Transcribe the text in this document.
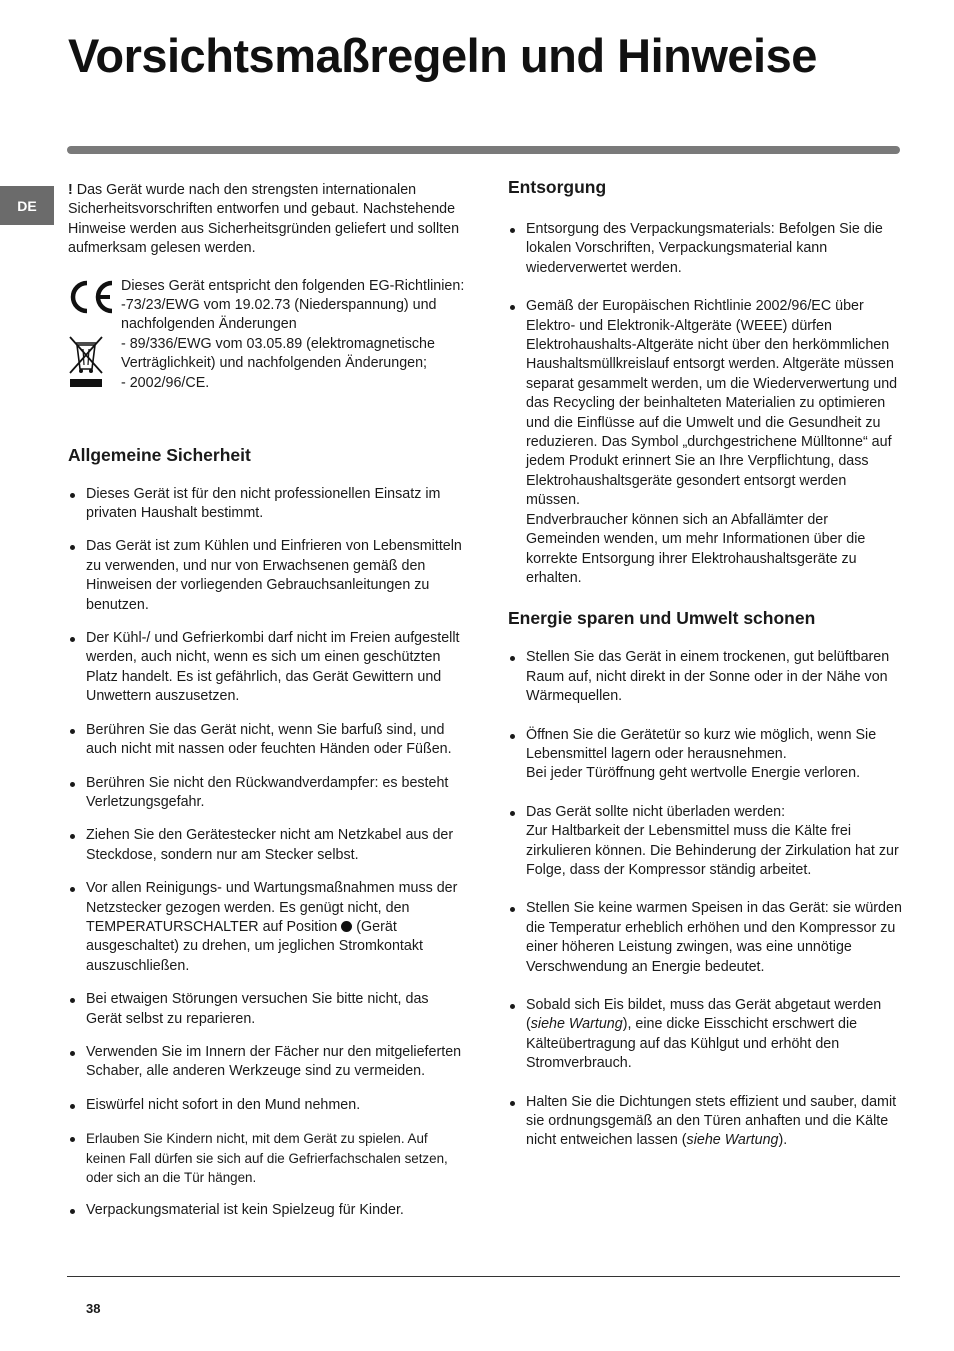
Vorsichtsmaßregeln und Hinweise
DE

! Das Gerät wurde nach den strengsten internationalen Sicherheitsvorschriften entworfen und gebaut. Nachstehende Hinweise werden aus Sicherheitsgründen geliefert und sollten aufmerksam gelesen werden.

Dieses Gerät entspricht den folgenden EG-Richtlinien:

-73/23/EWG vom 19.02.73 (Niederspannung) und nachfolgenden Änderungen

- 89/336/EWG vom 03.05.89 (elektromagnetische Verträglichkeit) und nachfolgenden Änderungen;

- 2002/96/CE.

Allgemeine Sicherheit
Dieses Gerät ist für den nicht professionellen Einsatz im privaten Haushalt bestimmt.
Das Gerät ist zum Kühlen und Einfrieren von Lebensmitteln zu verwenden, und nur von Erwachsenen gemäß den Hinweisen der vorliegenden Gebrauchsanleitungen zu benutzen.
Der Kühl-/ und Gefrierkombi darf nicht im Freien aufgestellt werden, auch nicht, wenn es sich um einen geschützten Platz handelt. Es ist gefährlich, das Gerät Gewittern und Unwettern auszusetzen.
Berühren Sie das Gerät nicht, wenn Sie barfuß sind, und auch nicht mit nassen oder feuchten Händen oder Füßen.
Berühren Sie nicht den Rückwandverdampfer: es besteht Verletzungsgefahr.
Ziehen Sie den Gerätestecker nicht am Netzkabel aus der Steckdose, sondern nur am Stecker selbst.
Vor allen Reinigungs- und Wartungsmaßnahmen muss der Netzstecker gezogen werden. Es genügt nicht, den TEMPERATURSCHALTER auf Position  (Gerät ausgeschaltet) zu drehen, um jeglichen Stromkontakt auszuschließen.
Bei etwaigen Störungen versuchen Sie bitte nicht, das Gerät selbst zu reparieren.
Verwenden Sie im Innern der Fächer nur den mitgelieferten Schaber, alle anderen Werkzeuge sind zu vermeiden.
Eiswürfel nicht sofort in den Mund nehmen.
Erlauben Sie Kindern nicht, mit dem Gerät zu spielen. Auf keinen Fall dürfen sie sich auf die Gefrierfachschalen setzen, oder sich an die Tür hängen.
Verpackungsmaterial ist kein Spielzeug für Kinder.
Entsorgung
Entsorgung des Verpackungsmaterials: Befolgen Sie die lokalen Vorschriften, Verpackungsmaterial kann wiederverwertet werden.

Gemäß der Europäischen Richtlinie 2002/96/EC über Elektro- und Elektronik-Altgeräte (WEEE) dürfen Elektrohaushalts-Altgeräte nicht über den herkömmlichen Haushaltsmüllkreislauf entsorgt werden. Altgeräte müssen separat gesammelt werden, um die Wiederverwertung und das Recycling der beinhalteten Materialien zu optimieren und die Einflüsse auf die Umwelt und die Gesundheit zu reduzieren. Das Symbol „durchgestrichene Mülltonne“ auf jedem Produkt erinnert Sie an Ihre Verpflichtung, dass Elektrohaushaltsgeräte gesondert entsorgt werden müssen.

Endverbraucher können sich an Abfallämter der Gemeinden wenden, um mehr Informationen über die korrekte Entsorgung ihrer Elektrohaushaltsgeräte zu erhalten.

Energie sparen und Umwelt schonen
Stellen Sie das Gerät in einem trockenen, gut belüftbaren Raum auf, nicht direkt in der Sonne oder in der Nähe von Wärmequellen.

Öffnen Sie die Gerätetür so kurz wie möglich, wenn Sie Lebensmittel lagern oder herausnehmen.

Bei jeder Türöffnung geht wertvolle Energie verloren.

Das Gerät sollte nicht überladen werden:

Zur Haltbarkeit der Lebensmittel muss die Kälte frei zirkulieren können. Die Behinderung der Zirkulation hat zur Folge, dass der Kompressor ständig arbeitet.

Stellen Sie keine warmen Speisen in das Gerät: sie würden die Temperatur erheblich erhöhen und den Kompressor zu einer höheren Leistung zwingen, was eine unnötige Verschwendung an Energie bedeutet.
Sobald sich Eis bildet, muss das Gerät abgetaut werden (siehe Wartung), eine dicke Eisschicht erschwert die Kälteübertragung auf das Kühlgut und erhöht den Stromverbrauch.
Halten Sie die Dichtungen stets effizient und sauber, damit sie ordnungsgemäß an den Türen anhaften und die Kälte nicht entweichen lassen (siehe Wartung).
38
